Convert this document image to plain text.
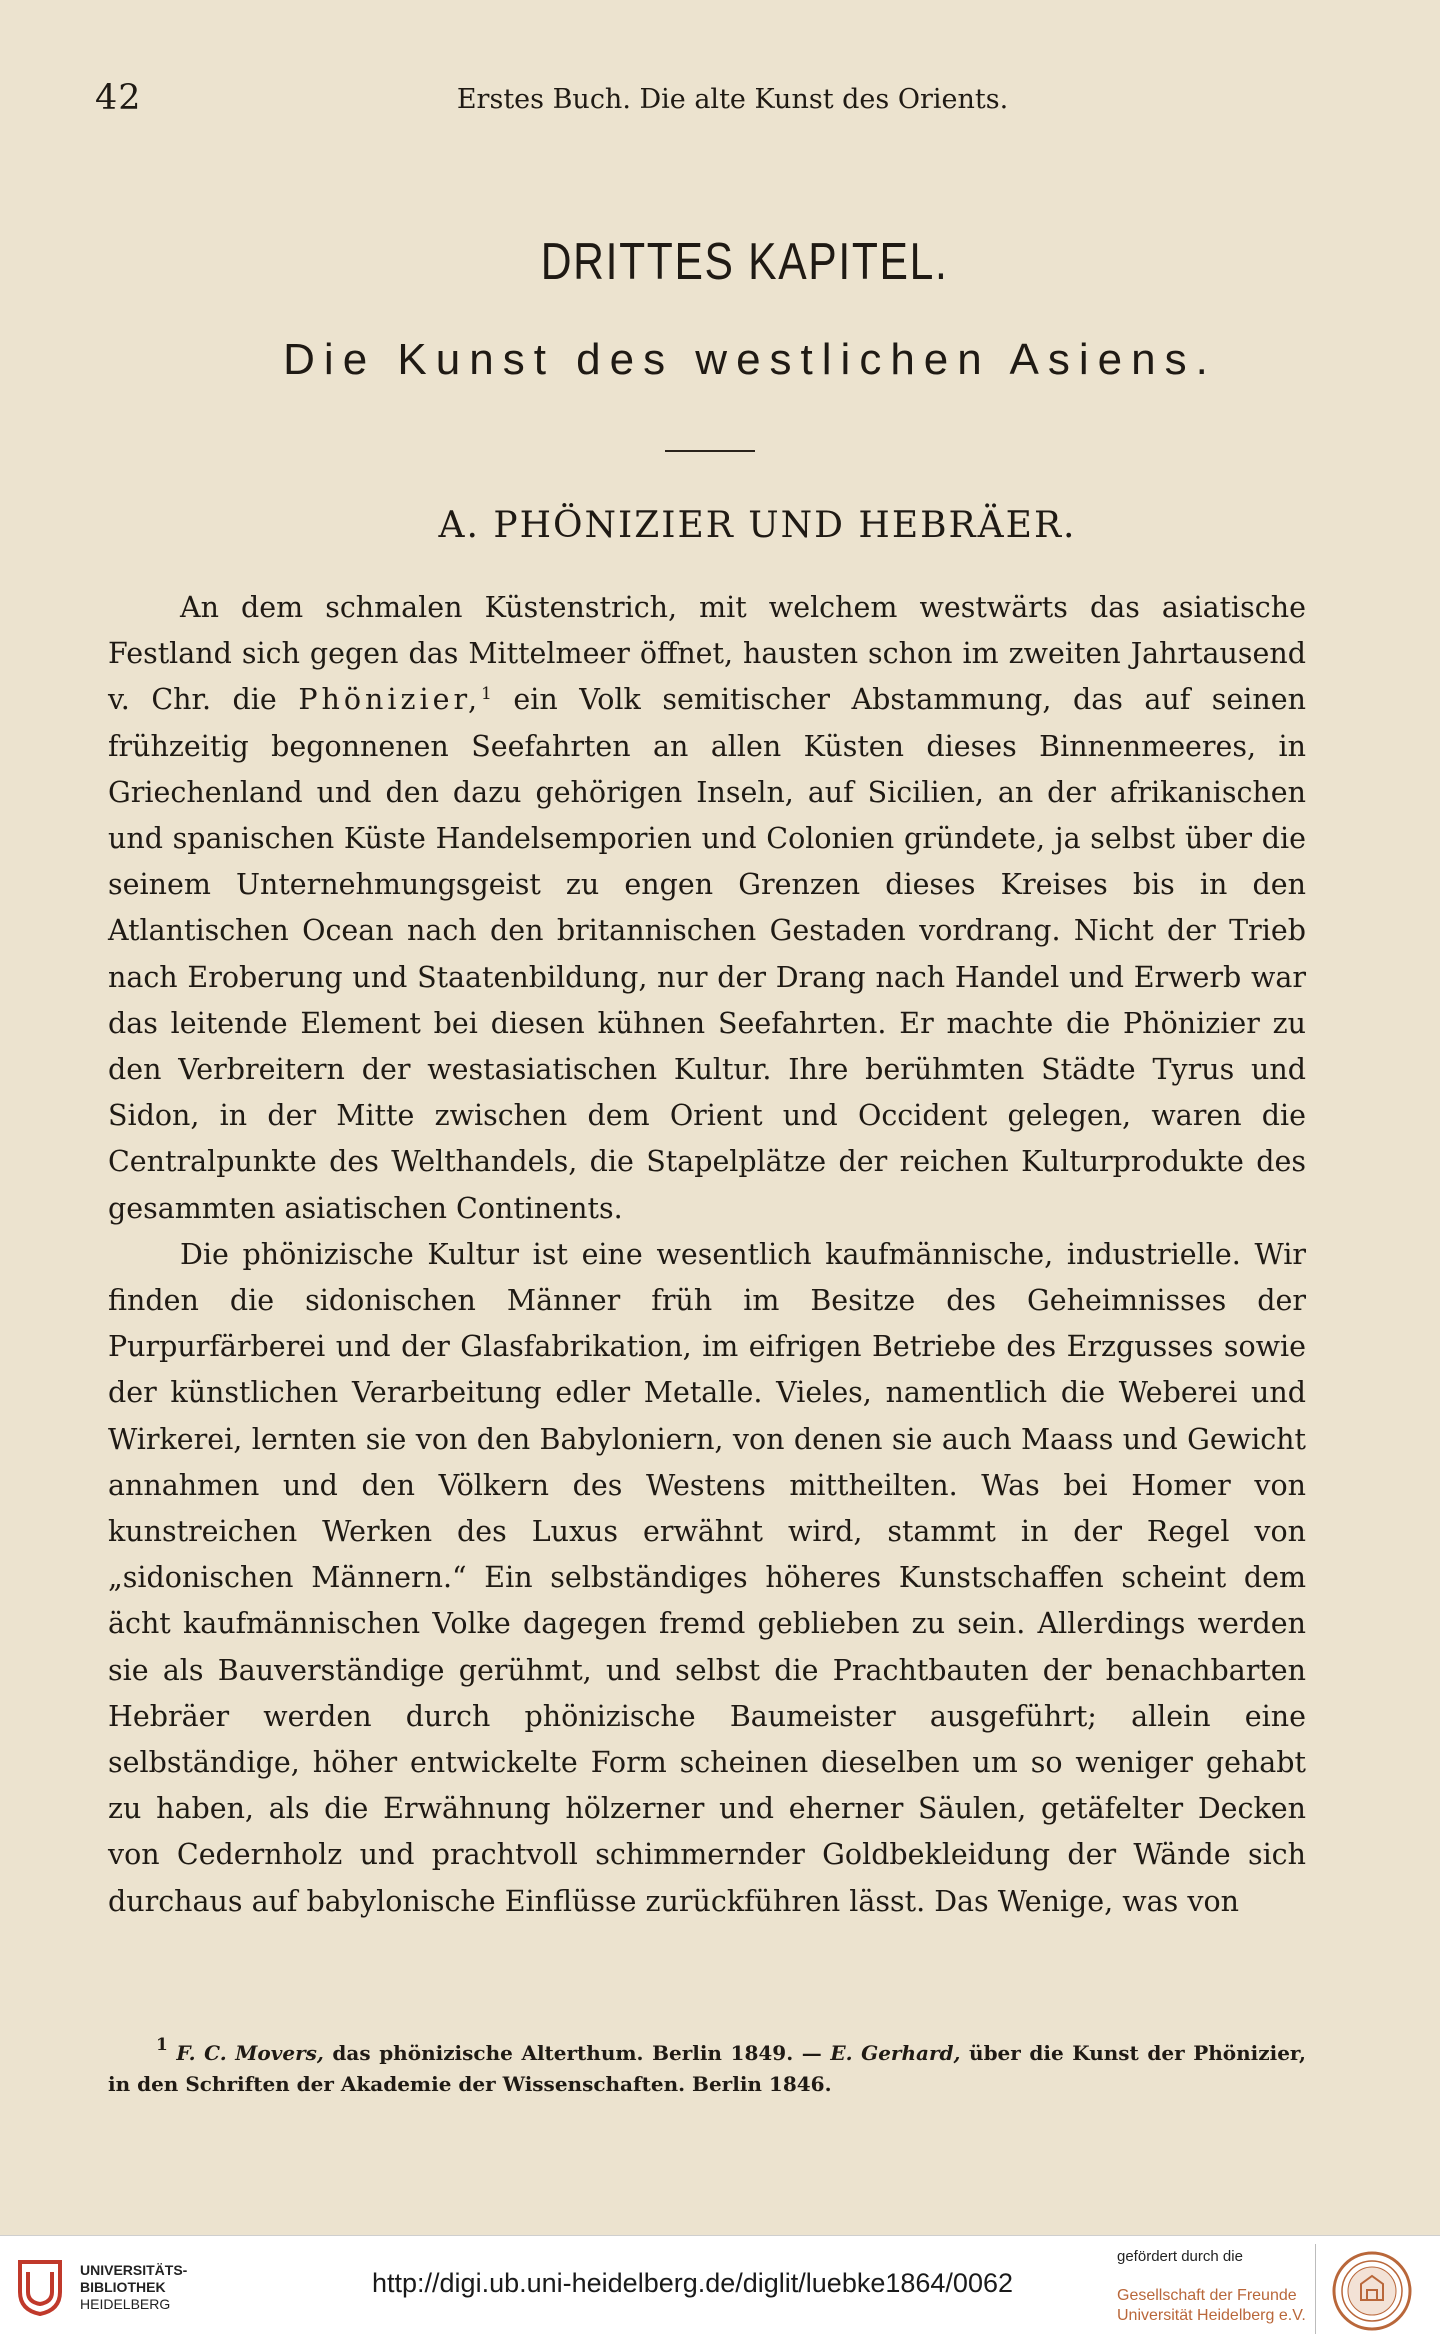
42	Erstes Buch. Die alte Kunst des Orients.
DRITTES KAPITEL.
Die Kunst des westlichen Asiens.
A. PHÖNIZIER UND HEBRÄER.

An dem schmalen Küstenstrich, mit welchem westwärts das asiatische Festland sich gegen das Mittelmeer öffnet, hausten schon im zweiten Jahrtausend v. Chr. die Phönizier,$^1$ ein Volk semitischer Abstammung, das auf seinen frühzeitig begonnenen Seefahrten an allen Küsten dieses Binnenmeeres, in Griechenland und den dazu gehörigen Inseln, auf Sicilien, an der afrikanischen und spanischen Küste Handelsemporien und Colonien gründete, ja selbst über die seinem Unternehmungsgeist zu engen Grenzen dieses Kreises bis in den Atlantischen Ocean nach den britannischen Gestaden vordrang. Nicht der Trieb nach Eroberung und Staatenbildung, nur der Drang nach Handel und Erwerb war das leitende Element bei diesen kühnen Seefahrten. Er machte die Phönizier zu den Verbreitern der westasiatischen Kultur. Ihre berühmten Städte Tyrus und Sidon, in der Mitte zwischen dem Orient und Occident gelegen, waren die Centralpunkte des Welthandels, die Stapelplätze der reichen Kulturprodukte des gesammten asiatischen Continents.

Die phönizische Kultur ist eine wesentlich kaufmännische, industrielle. Wir finden die sidonischen Männer früh im Besitze des Geheimnisses der Purpurfärberei und der Glasfabrikation, im eifrigen Betriebe des Erzgusses sowie der künstlichen Verarbeitung edler Metalle. Vieles, namentlich die Weberei und Wirkerei, lernten sie von den Babyloniern, von denen sie auch Maass und Gewicht annahmen und den Völkern des Westens mittheilten. Was bei Homer von kunstreichen Werken des Luxus erwähnt wird, stammt in der Regel von „sidonischen Männern.“ Ein selbständiges höheres Kunstschaffen scheint dem ächt kaufmännischen Volke dagegen fremd geblieben zu sein. Allerdings werden sie als Bauverständige gerühmt, und selbst die Prachtbauten der benachbarten Hebräer werden durch phönizische Baumeister ausgeführt; allein eine selbständige, höher entwickelte Form scheinen dieselben um so weniger gehabt zu haben, als die Erwähnung hölzerner und eherner Säulen, getäfelter Decken von Cedernholz und prachtvoll schimmernder Goldbekleidung der Wände sich durchaus auf babylonische Einflüsse zurückführen lässt. Das Wenige, was von

$^1$ F. C. Movers, das phönizische Alterthum. Berlin 1849. — E. Gerhard, über die Kunst der Phönizier, in den Schriften der Akademie der Wissenschaften. Berlin 1846.

UNIVERSITÄTS-
BIBLIOTHEK
HEIDELBERG
http://digi.ub.uni-heidelberg.de/diglit/luebke1864/0062
gefördert durch die
Gesellschaft der Freunde
Universität Heidelberg e.V.
